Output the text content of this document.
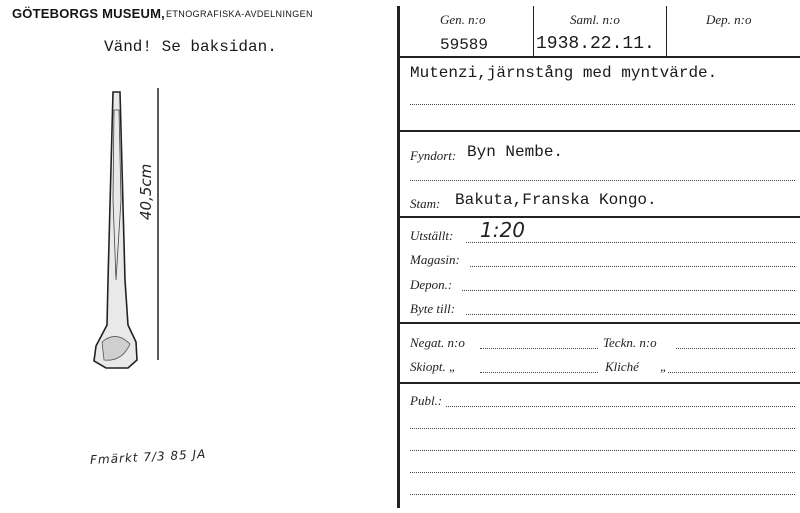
GÖTEBORGS MUSEUM, ETNOGRAFISKA-AVDELNINGEN
Vänd! Se baksidan.
40,5cm
Fmärkt 7/3 85 JA
Gen. n:o	Saml. n:o	Dep. n:o
59589	1938.22.11.
Mutenzi,järnstång med myntvärde.
Fyndort: Byn Nembe.
Stam: Bakuta,Franska Kongo.
Utställt: 1:20
Magasin:
Depon.:
Byte till:
Negat. n:o	Teckn. n:o
Skiopt. „	Kliché „
Publ.:
